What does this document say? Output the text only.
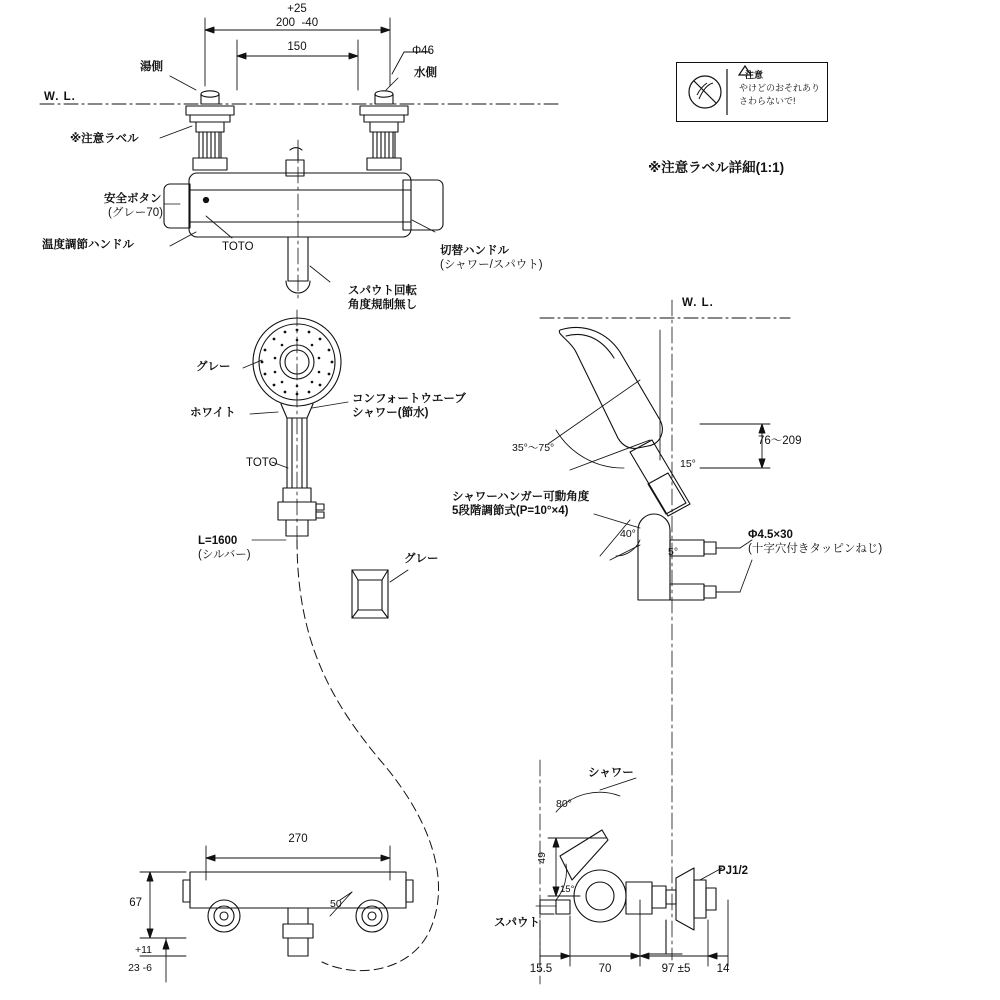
+25
200  -40
150	Φ46
湯側	水側
W. L.
※注意ラベル
安全ボタン
(グレー70)
温度調節ハンドル	TOTO	切替ハンドル
(シャワー/スパウト)
スパウト回転
角度規制無し
注意
やけどのおそれあり
さわらないで!
※注意ラベル詳細(1:1)
グレー
ホワイト
コンフォートウエーブ
シャワー(節水)
TOTO
L=1600
(シルバー)	グレー
W. L.
35°～75°
15°
76～209
40°
5°
シャワーハンガー可動角度
5段階調節式(P=10°×4)
Φ4.5×30
(十字穴付きタッピンねじ)
270
67
+11
23 -6
50
シャワー
80°
49
15°
スパウト
PJ1/2
15.5	70	97 ±5	14
